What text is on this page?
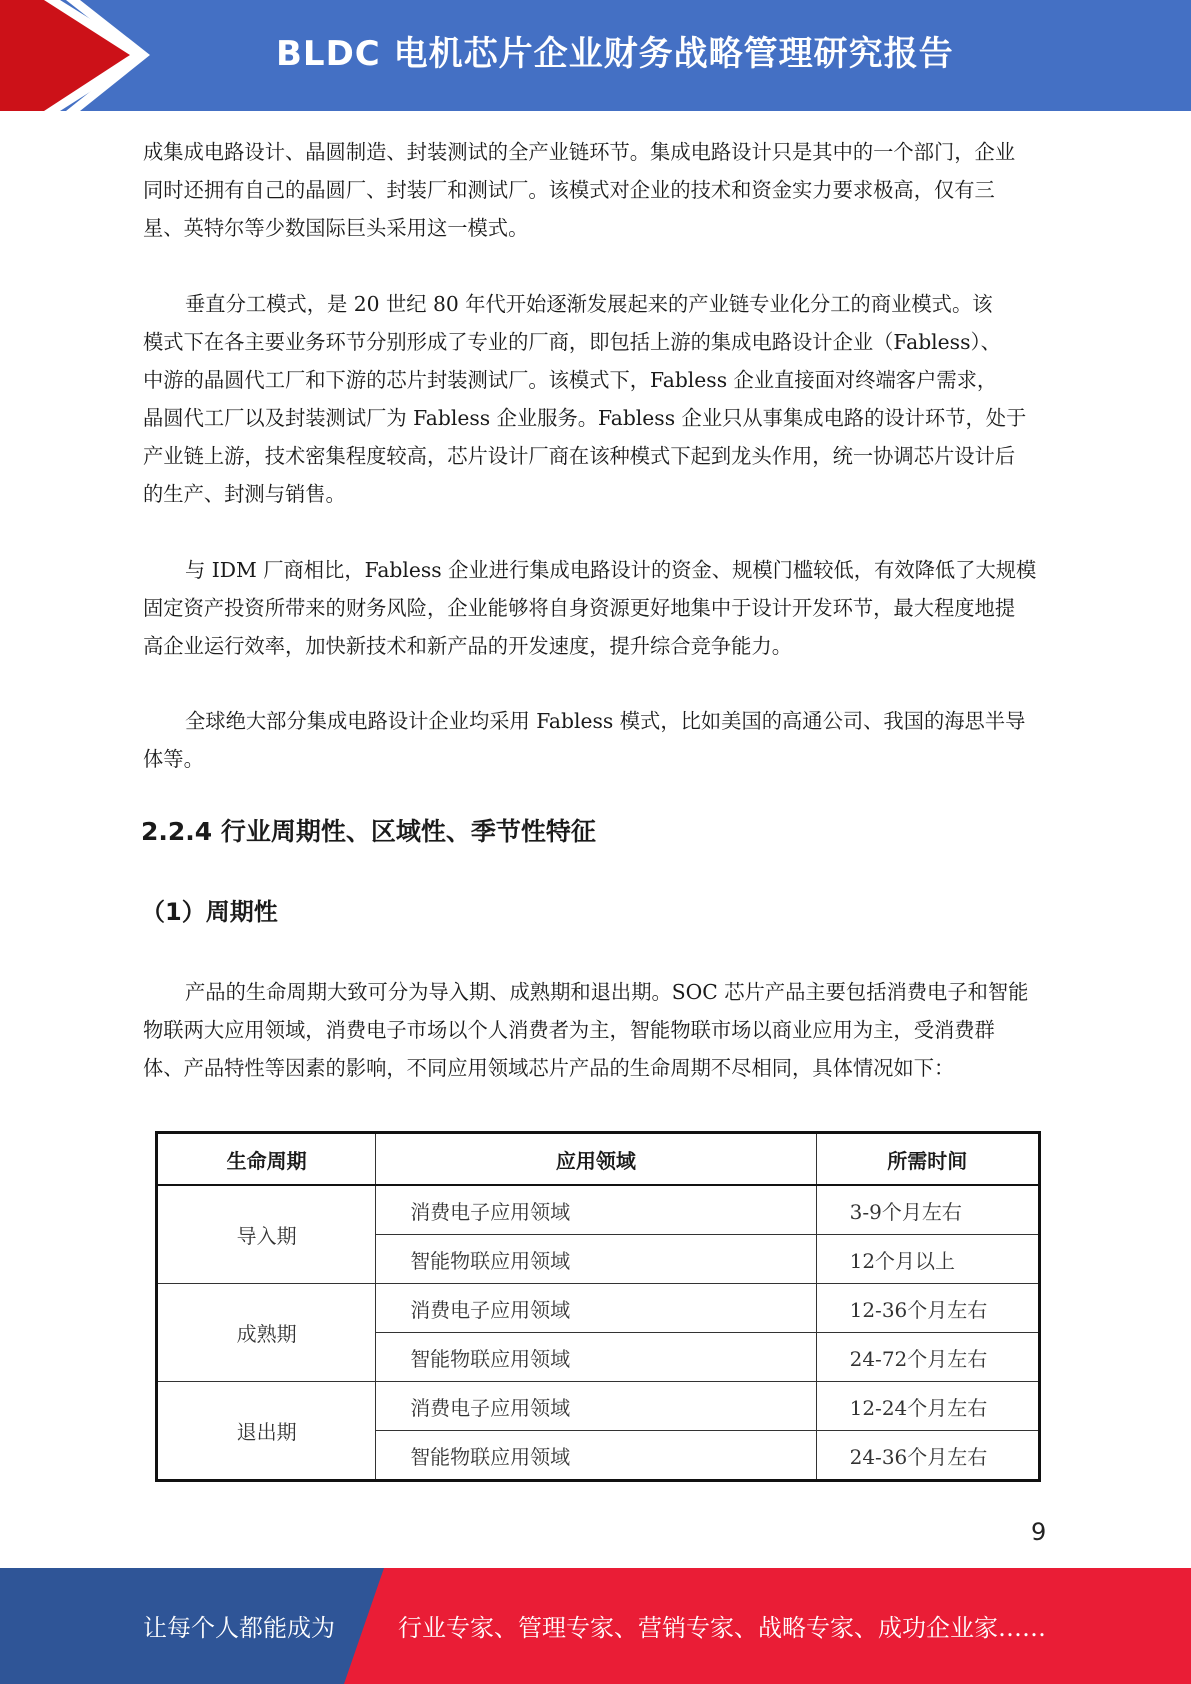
BLDC 电机芯片企业财务战略管理研究报告

成集成电路设计、晶圆制造、封装测试的全产业链环节。集成电路设计只是其中的一个部门，企业
同时还拥有自己的晶圆厂、封装厂和测试厂。该模式对企业的技术和资金实力要求极高，仅有三
星、英特尔等少数国际巨头采用这一模式。

垂直分工模式，是 20 世纪 80 年代开始逐渐发展起来的产业链专业化分工的商业模式。该
模式下在各主要业务环节分别形成了专业的厂商，即包括上游的集成电路设计企业（Fabless）、
中游的晶圆代工厂和下游的芯片封装测试厂。该模式下，Fabless 企业直接面对终端客户需求，
晶圆代工厂以及封装测试厂为 Fabless 企业服务。Fabless 企业只从事集成电路的设计环节，处于
产业链上游，技术密集程度较高，芯片设计厂商在该种模式下起到龙头作用，统一协调芯片设计后
的生产、封测与销售。

与 IDM 厂商相比，Fabless 企业进行集成电路设计的资金、规模门槛较低，有效降低了大规模
固定资产投资所带来的财务风险，企业能够将自身资源更好地集中于设计开发环节，最大程度地提
高企业运行效率，加快新技术和新产品的开发速度，提升综合竞争能力。

全球绝大部分集成电路设计企业均采用 Fabless 模式，比如美国的高通公司、我国的海思半导
体等。

2.2.4 行业周期性、区域性、季节性特征
（1）周期性

产品的生命周期大致可分为导入期、成熟期和退出期。SOC 芯片产品主要包括消费电子和智能
物联两大应用领域，消费电子市场以个人消费者为主，智能物联市场以商业应用为主，受消费群
体、产品特性等因素的影响，不同应用领域芯片产品的生命周期不尽相同，具体情况如下：

生命周期	应用领域	所需时间
导入期	消费电子应用领域	3-9个月左右
	智能物联应用领域	12个月以上
成熟期	消费电子应用领域	12-36个月左右
	智能物联应用领域	24-72个月左右
退出期	消费电子应用领域	12-24个月左右
	智能物联应用领域	24-36个月左右
9
让每个人都能成为	行业专家、管理专家、营销专家、战略专家、成功企业家……
